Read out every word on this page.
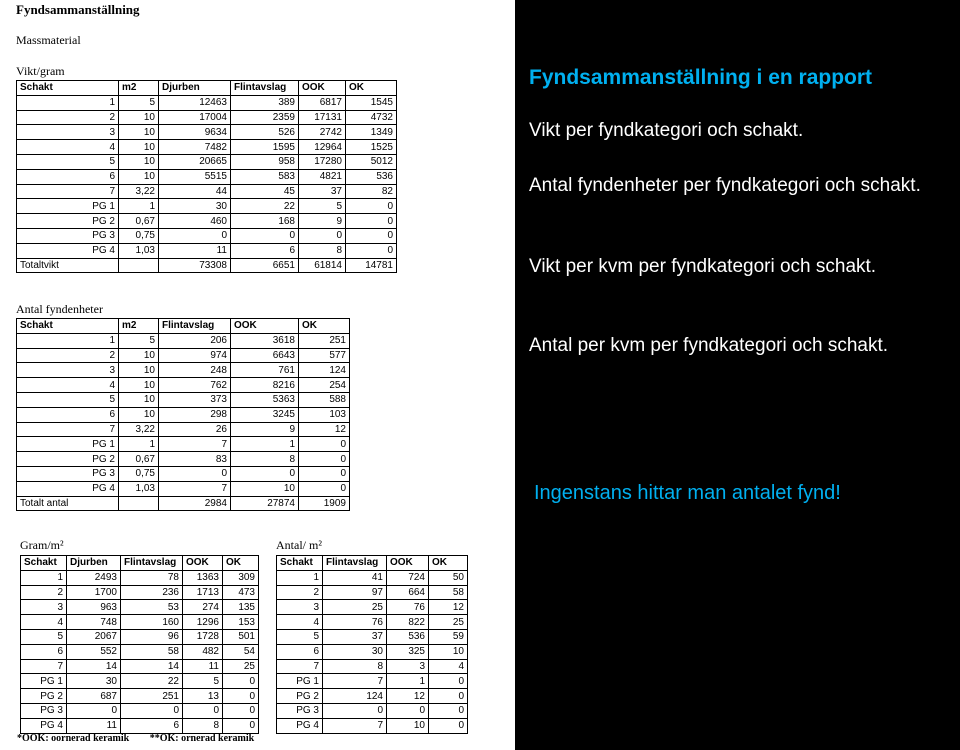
Fyndsammanställning
Massmaterial
Vikt/gram
Schakt	m2	Djurben	Flintavslag	OOK	OK
1	5	12463	389	6817	1545
2	10	17004	2359	17131	4732
3	10	9634	526	2742	1349
4	10	7482	1595	12964	1525
5	10	20665	958	17280	5012
6	10	5515	583	4821	536
7	3,22	44	45	37	82
PG 1	1	30	22	5	0
PG 2	0,67	460	168	9	0
PG 3	0,75	0	0	0	0
PG 4	1,03	11	6	8	0
Totaltvikt		73308	6651	61814	14781
Antal fyndenheter
Schakt	m2	Flintavslag	OOK	OK
1	5	206	3618	251
2	10	974	6643	577
3	10	248	761	124
4	10	762	8216	254
5	10	373	5363	588
6	10	298	3245	103
7	3,22	26	9	12
PG 1	1	7	1	0
PG 2	0,67	83	8	0
PG 3	0,75	0	0	0
PG 4	1,03	7	10	0
Totalt antal		2984	27874	1909
Gram/m²
Schakt	Djurben	Flintavslag	OOK	OK
1	2493	78	1363	309
2	1700	236	1713	473
3	963	53	274	135
4	748	160	1296	153
5	2067	96	1728	501
6	552	58	482	54
7	14	14	11	25
PG 1	30	22	5	0
PG 2	687	251	13	0
PG 3	0	0	0	0
PG 4	11	6	8	0
Antal/ m²
Schakt	Flintavslag	OOK	OK
1	41	724	50
2	97	664	58
3	25	76	12
4	76	822	25
5	37	536	59
6	30	325	10
7	8	3	4
PG 1	7	1	0
PG 2	124	12	0
PG 3	0	0	0
PG 4	7	10	0
*OOK: oornerad keramik **OK: ornerad keramik
Fyndsammanställning i en rapport
Vikt per fyndkategori och schakt.
Antal fyndenheter per fyndkategori och schakt.
Vikt per kvm per fyndkategori och schakt.
Antal per kvm per fyndkategori och schakt.
Ingenstans hittar man antalet fynd!
